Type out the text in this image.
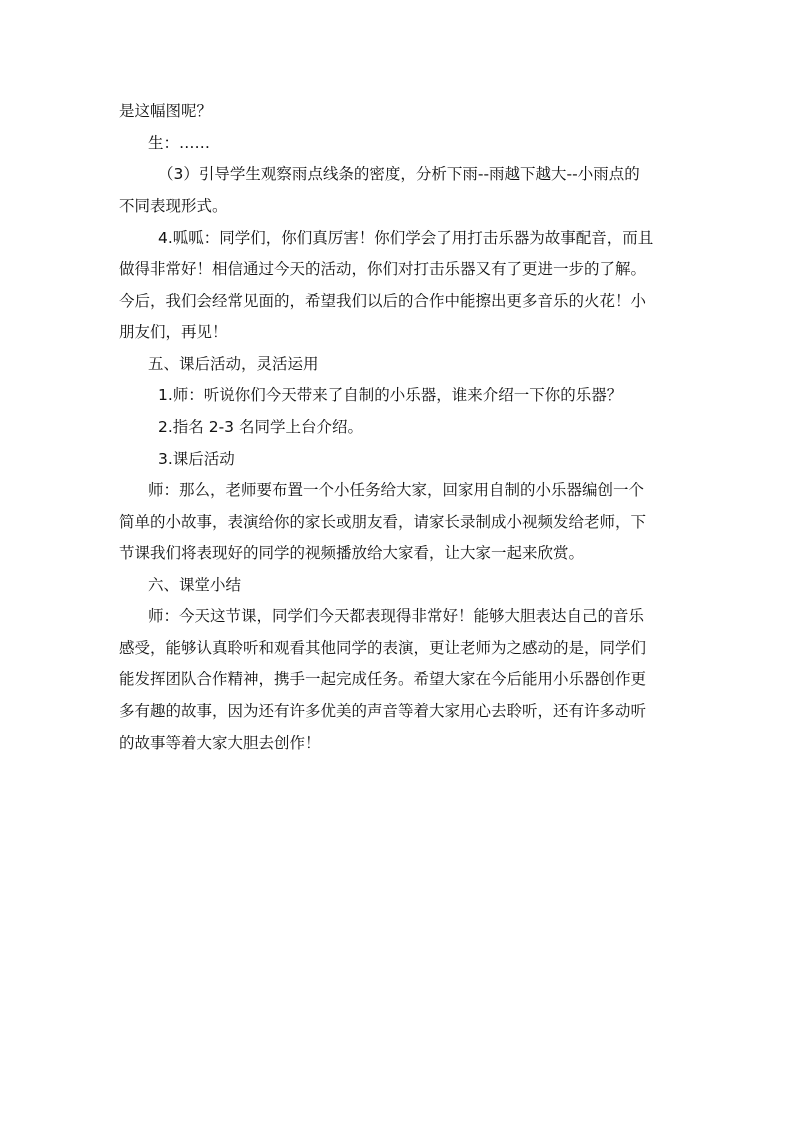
是这幅图呢？
生：……
（3）引导学生观察雨点线条的密度，分析下雨--雨越下越大--小雨点的
不同表现形式。
4.呱呱：同学们，你们真厉害！你们学会了用打击乐器为故事配音，而且
做得非常好！相信通过今天的活动，你们对打击乐器又有了更进一步的了解。
今后，我们会经常见面的，希望我们以后的合作中能擦出更多音乐的火花！小
朋友们，再见！
五、课后活动，灵活运用
1.师：听说你们今天带来了自制的小乐器，谁来介绍一下你的乐器？
2.指名 2-3 名同学上台介绍。
3.课后活动
师：那么，老师要布置一个小任务给大家，回家用自制的小乐器编创一个
简单的小故事，表演给你的家长或朋友看，请家长录制成小视频发给老师，下
节课我们将表现好的同学的视频播放给大家看，让大家一起来欣赏。
六、课堂小结
师：今天这节课，同学们今天都表现得非常好！能够大胆表达自己的音乐
感受，能够认真聆听和观看其他同学的表演，更让老师为之感动的是，同学们
能发挥团队合作精神，携手一起完成任务。希望大家在今后能用小乐器创作更
多有趣的故事，因为还有许多优美的声音等着大家用心去聆听，还有许多动听
的故事等着大家大胆去创作！
